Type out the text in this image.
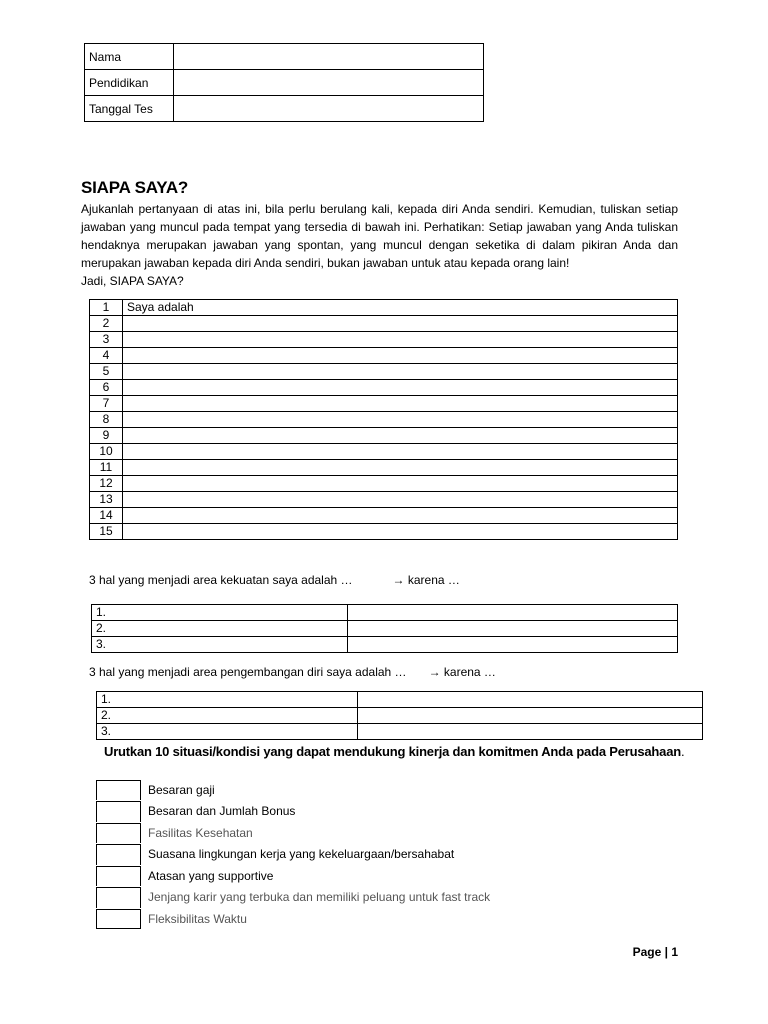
Nama	
Pendidikan	
Tanggal Tes	
SIAPA SAYA?

Ajukanlah pertanyaan di atas ini, bila perlu berulang kali, kepada diri Anda sendiri. Kemudian, tuliskan setiap jawaban yang muncul pada tempat yang tersedia di bawah ini. Perhatikan: Setiap jawaban yang Anda tuliskan hendaknya merupakan jawaban yang spontan, yang muncul dengan seketika di dalam pikiran Anda dan merupakan jawaban kepada diri Anda sendiri, bukan jawaban untuk atau kepada orang lain!

Jadi, SIAPA SAYA?

1	Saya adalah
2	
3	
4	
5	
6	
7	
8	
9	
10	
11	
12	
13	
14	
15	
3 hal yang menjadi area kekuatan saya adalah …	→ karena …
1.	
2.	
3.	
3 hal yang menjadi area pengembangan diri saya adalah … → karena …
1.	
2.	
3.	
Urutkan 10 situasi/kondisi yang dapat mendukung kinerja dan komitmen Anda pada Perusahaan.
Besaran gaji
Besaran dan Jumlah Bonus
Fasilitas Kesehatan
Suasana lingkungan kerja yang kekeluargaan/bersahabat
Atasan yang supportive
Jenjang karir yang terbuka dan memiliki peluang untuk fast track
Fleksibilitas Waktu
Page | 1
